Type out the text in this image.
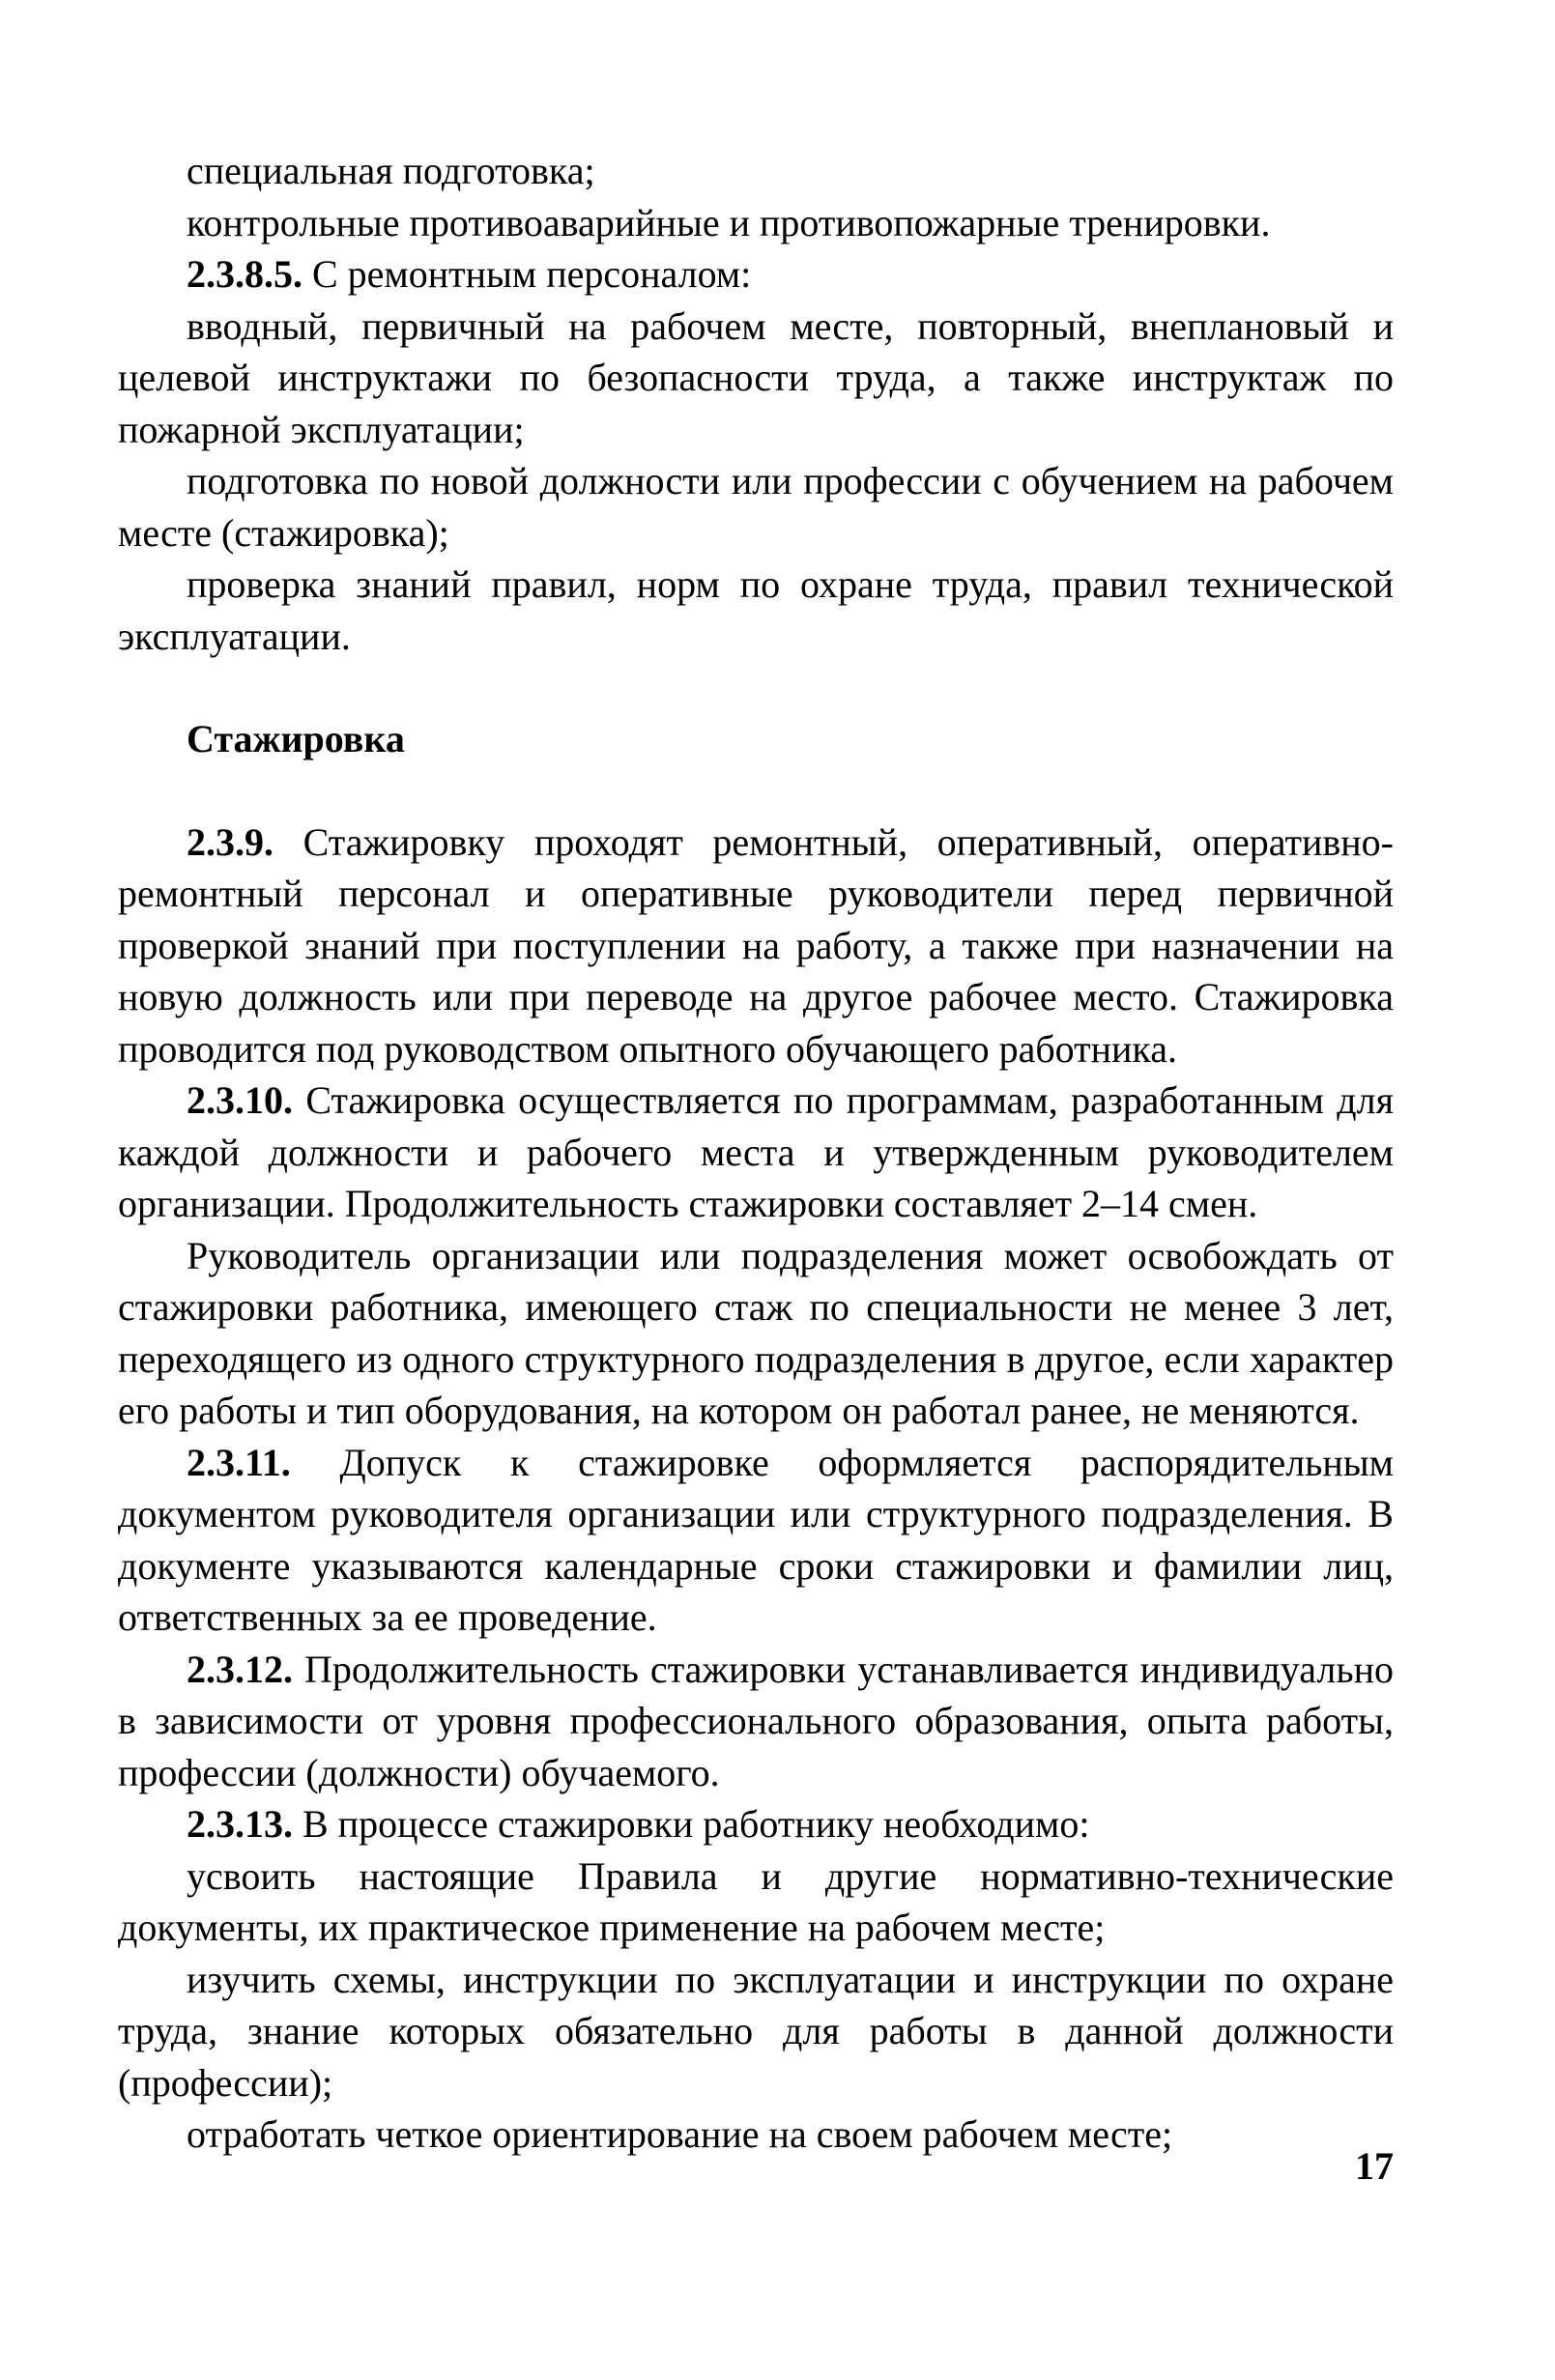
специальная подготовка;

контрольные противоаварийные и противопожарные тренировки.

2.3.8.5. С ремонтным персоналом:

вводный, первичный на рабочем месте, повторный, внеплановый и целевой инструктажи по безопасности труда, а также инструктаж по пожарной эксплуатации;

подготовка по новой должности или профессии с обучением на рабочем месте (стажировка);

проверка знаний правил, норм по охране труда, правил технической эксплуатации.

Стажировка

2.3.9. Стажировку проходят ремонтный, оперативный, оперативно-ремонтный персонал и оперативные руководители перед первичной проверкой знаний при поступлении на работу, а также при назначении на новую должность или при переводе на другое рабочее место. Стажировка проводится под руководством опытного обучающего работника.

2.3.10. Стажировка осуществляется по программам, разработанным для каждой должности и рабочего места и утвержденным руководителем организации. Продолжительность стажировки составляет 2–14 смен.

Руководитель организации или подразделения может освобождать от стажировки работника, имеющего стаж по специальности не менее 3 лет, переходящего из одного структурного подразделения в другое, если характер его работы и тип оборудования, на котором он работал ранее, не меняются.

2.3.11. Допуск к стажировке оформляется распорядительным документом руководителя организации или структурного подразделения. В документе указываются календарные сроки стажировки и фамилии лиц, ответственных за ее проведение.

2.3.12. Продолжительность стажировки устанавливается индивидуально в зависимости от уровня профессионального образования, опыта работы, профессии (должности) обучаемого.

2.3.13. В процессе стажировки работнику необходимо:

усвоить настоящие Правила и другие нормативно-технические документы, их практическое применение на рабочем месте;

изучить схемы, инструкции по эксплуатации и инструкции по охране труда, знание которых обязательно для работы в данной должности (профессии);

отработать четкое ориентирование на своем рабочем месте;

17
